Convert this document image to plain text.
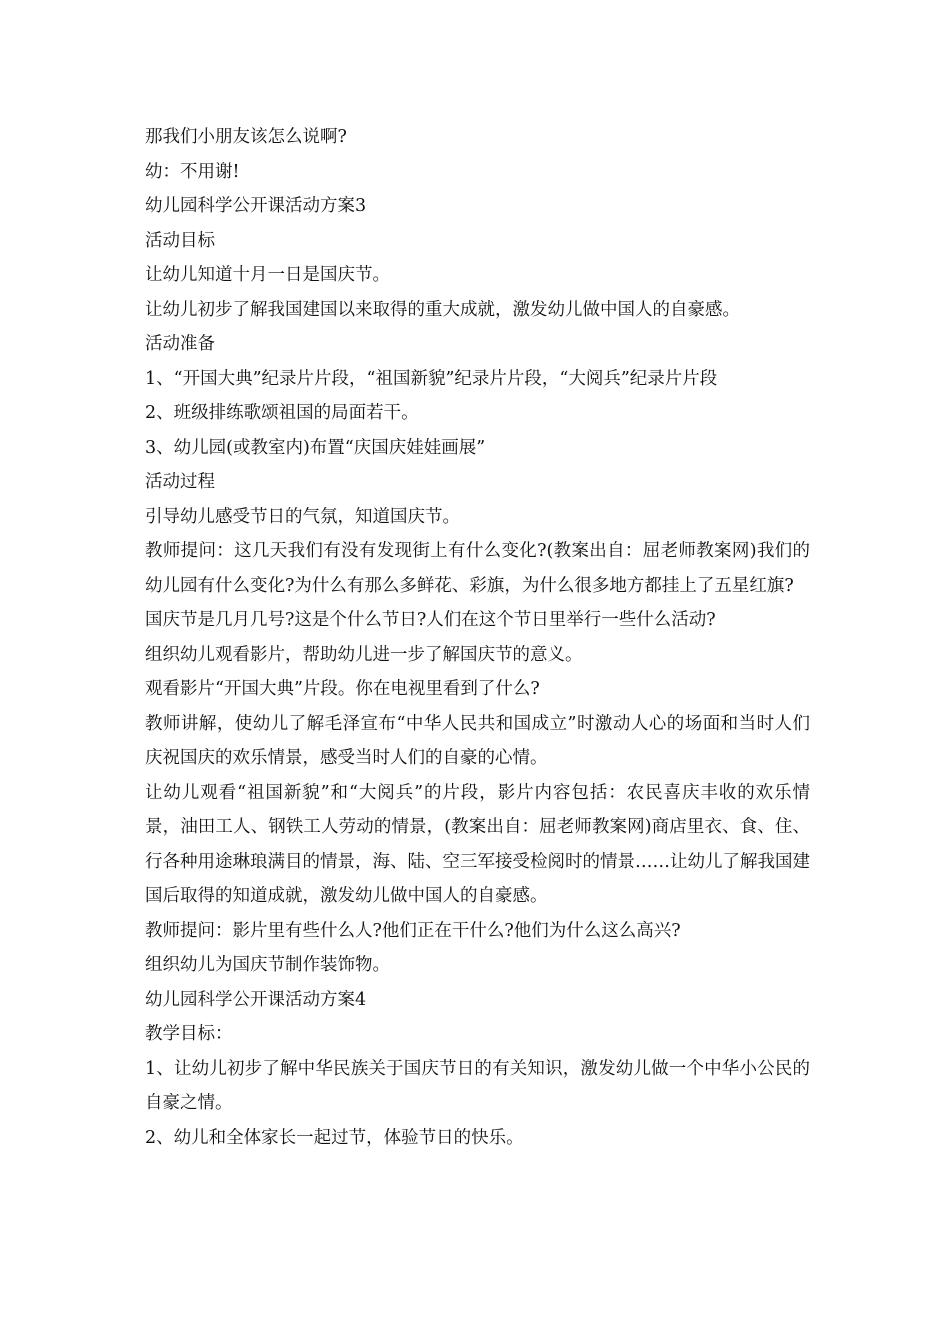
那我们小朋友该怎么说啊?

幼：不用谢!

幼儿园科学公开课活动方案3

活动目标

让幼儿知道十月一日是国庆节。

让幼儿初步了解我国建国以来取得的重大成就，激发幼儿做中国人的自豪感。

活动准备

1、“开国大典”纪录片片段，“祖国新貌”纪录片片段，“大阅兵”纪录片片段

2、班级排练歌颂祖国的局面若干。

3、幼儿园(或教室内)布置“庆国庆娃娃画展”

活动过程

引导幼儿感受节日的气氛，知道国庆节。

教师提问：这几天我们有没有发现街上有什么变化?(教案出自：屈老师教案网)我们的幼儿园有什么变化?为什么有那么多鲜花、彩旗，为什么很多地方都挂上了五星红旗?

国庆节是几月几号?这是个什么节日?人们在这个节日里举行一些什么活动?

组织幼儿观看影片，帮助幼儿进一步了解国庆节的意义。

观看影片“开国大典”片段。你在电视里看到了什么?

教师讲解，使幼儿了解毛泽宣布“中华人民共和国成立”时激动人心的场面和当时人们庆祝国庆的欢乐情景，感受当时人们的自豪的心情。

让幼儿观看“祖国新貌”和“大阅兵”的片段，影片内容包括：农民喜庆丰收的欢乐情景，油田工人、钢铁工人劳动的情景，(教案出自：屈老师教案网)商店里衣、食、住、行各种用途琳琅满目的情景，海、陆、空三军接受检阅时的情景……让幼儿了解我国建国后取得的知道成就，激发幼儿做中国人的自豪感。

教师提问：影片里有些什么人?他们正在干什么?他们为什么这么高兴?

组织幼儿为国庆节制作装饰物。

幼儿园科学公开课活动方案4

教学目标：

1、让幼儿初步了解中华民族关于国庆节日的有关知识，激发幼儿做一个中华小公民的自豪之情。

2、幼儿和全体家长一起过节，体验节日的快乐。
